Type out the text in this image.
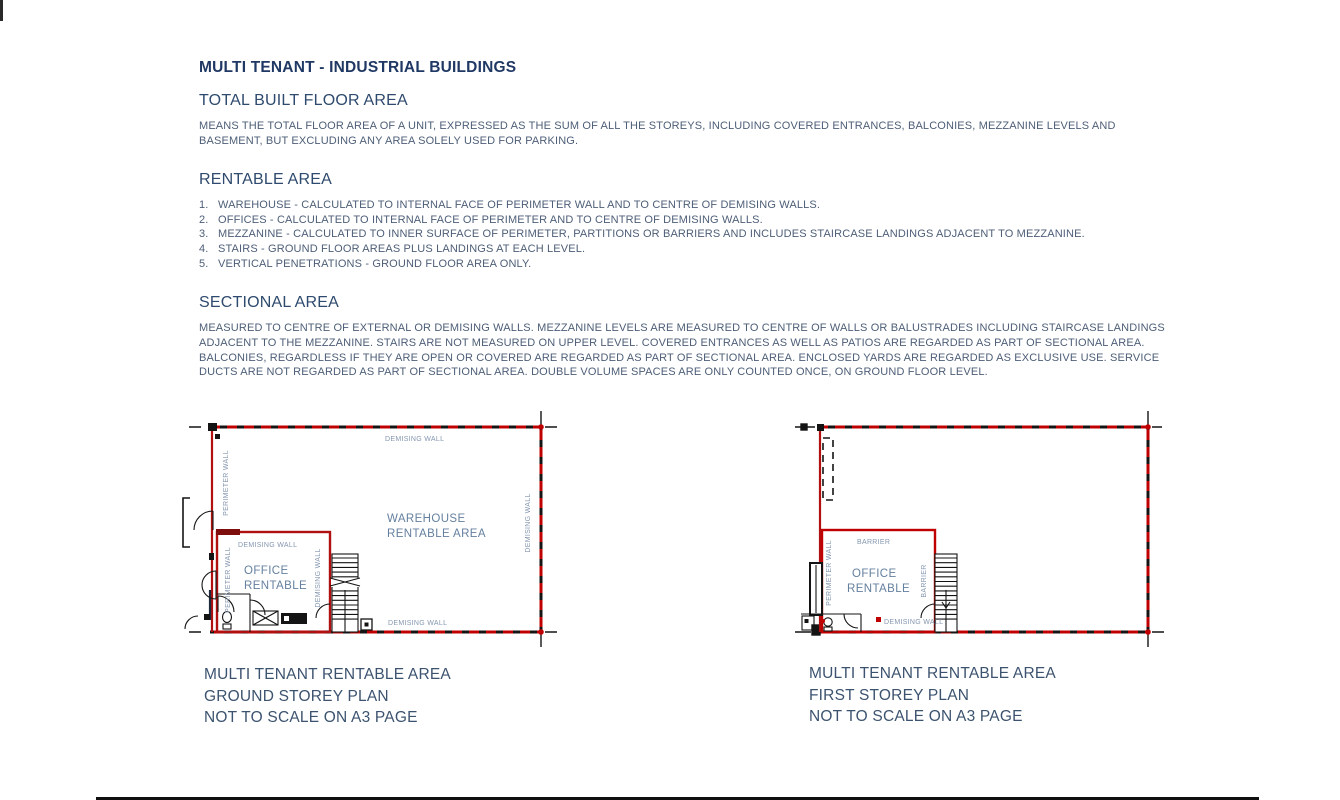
MULTI TENANT - INDUSTRIAL BUILDINGS
TOTAL BUILT FLOOR AREA

MEANS THE TOTAL FLOOR AREA OF A UNIT, EXPRESSED AS THE SUM OF ALL THE STOREYS, INCLUDING COVERED ENTRANCES, BALCONIES, MEZZANINE LEVELS AND BASEMENT, BUT EXCLUDING ANY AREA SOLELY USED FOR PARKING.

RENTABLE AREA
WAREHOUSE - CALCULATED TO INTERNAL FACE OF PERIMETER WALL AND TO CENTRE OF DEMISING WALLS.
OFFICES - CALCULATED TO INTERNAL FACE OF PERIMETER AND TO CENTRE OF DEMISING WALLS.
MEZZANINE - CALCULATED TO INNER SURFACE OF PERIMETER, PARTITIONS OR BARRIERS AND INCLUDES STAIRCASE LANDINGS ADJACENT TO MEZZANINE.
STAIRS - GROUND FLOOR AREAS PLUS LANDINGS AT EACH LEVEL.
VERTICAL PENETRATIONS - GROUND FLOOR AREA ONLY.
SECTIONAL AREA

MEASURED TO CENTRE OF EXTERNAL OR DEMISING WALLS. MEZZANINE LEVELS ARE MEASURED TO CENTRE OF WALLS OR BALUSTRADES INCLUDING STAIRCASE LANDINGS ADJACENT TO THE MEZZANINE. STAIRS ARE NOT MEASURED ON UPPER LEVEL. COVERED ENTRANCES AS WELL AS PATIOS ARE REGARDED AS PART OF SECTIONAL AREA. BALCONIES, REGARDLESS IF THEY ARE OPEN OR COVERED ARE REGARDED AS PART OF SECTIONAL AREA. ENCLOSED YARDS ARE REGARDED AS EXCLUSIVE USE. SERVICE DUCTS ARE NOT REGARDED AS PART OF SECTIONAL AREA. DOUBLE VOLUME SPACES ARE ONLY COUNTED ONCE, ON GROUND FLOOR LEVEL.

DEMISING WALL
PERIMETER WALL
WAREHOUSE
RENTABLE AREA	DEMISING WALL
DEMISING WALL
PERIMETER WALL OFFICE
RENTABLE DEMISING WALL
DEMISING WALL
BARRIER
PERIMETER WALL OFFICE
RENTABLE BARRIER
DEMISING WALL
MULTI TENANT RENTABLE AREA
GROUND STOREY PLAN
NOT TO SCALE ON A3 PAGE
MULTI TENANT RENTABLE AREA
FIRST STOREY PLAN
NOT TO SCALE ON A3 PAGE
